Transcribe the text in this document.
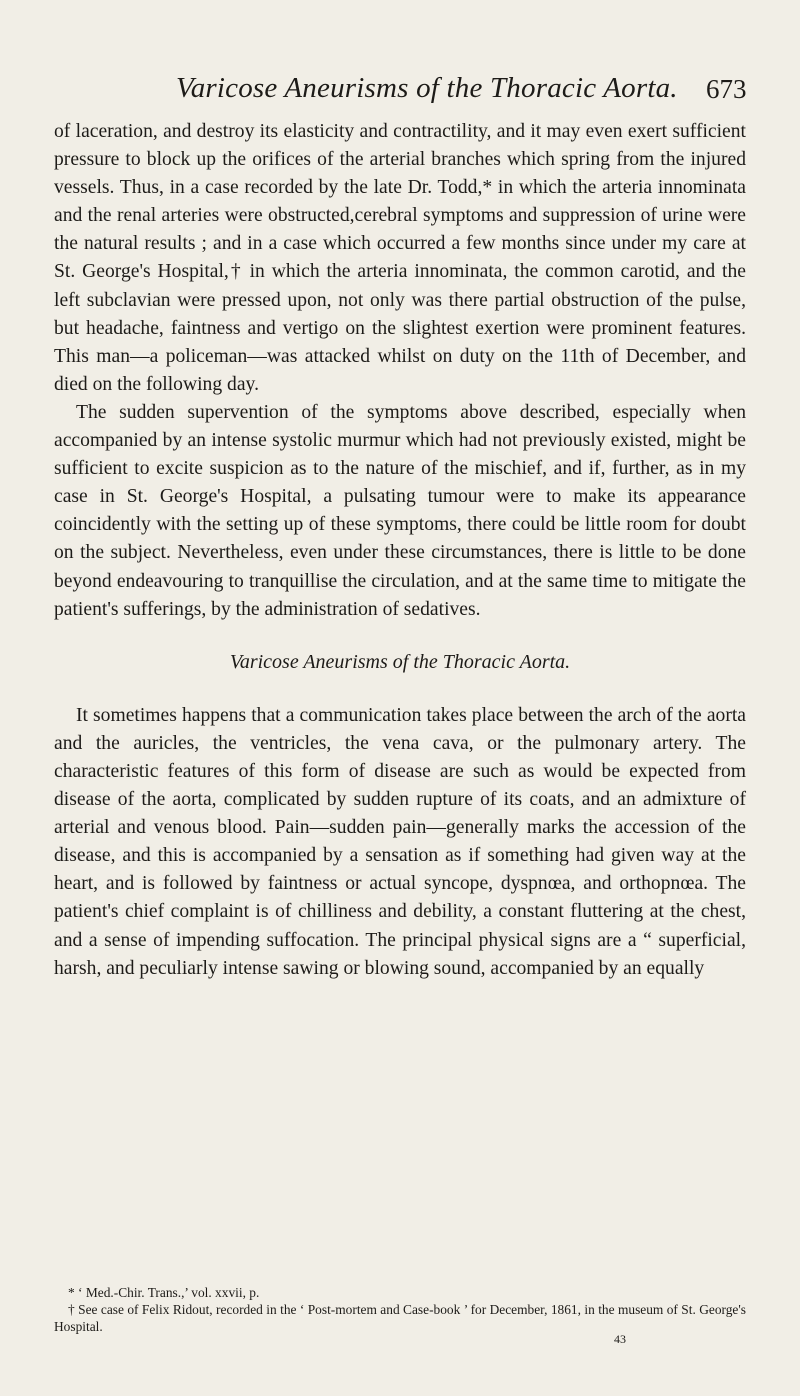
Varicose Aneurisms of the Thoracic Aorta. 673

of laceration, and destroy its elasticity and contractility, and it may even exert sufficient pressure to block up the orifices of the arterial branches which spring from the injured vessels. Thus, in a case recorded by the late Dr. Todd,* in which the arteria innominata and the renal arteries were obstructed,cerebral symptoms and suppression of urine were the natural results ; and in a case which occurred a few months since under my care at St. George's Hospital,† in which the arteria innominata, the common carotid, and the left subclavian were pressed upon, not only was there partial obstruction of the pulse, but headache, faintness and vertigo on the slightest exertion were prominent features. This man—a policeman—was attacked whilst on duty on the 11th of December, and died on the following day.

The sudden supervention of the symptoms above described, especially when accompanied by an intense systolic murmur which had not previously existed, might be sufficient to excite suspicion as to the nature of the mischief, and if, further, as in my case in St. George's Hospital, a pulsating tumour were to make its appearance coincidently with the setting up of these symptoms, there could be little room for doubt on the subject. Nevertheless, even under these circumstances, there is little to be done beyond endeavouring to tranquillise the circulation, and at the same time to mitigate the patient's sufferings, by the administration of sedatives.

Varicose Aneurisms of the Thoracic Aorta.

It sometimes happens that a communication takes place between the arch of the aorta and the auricles, the ventricles, the vena cava, or the pulmonary artery. The characteristic features of this form of disease are such as would be expected from disease of the aorta, complicated by sudden rupture of its coats, and an admixture of arterial and venous blood. Pain—sudden pain—generally marks the accession of the disease, and this is accompanied by a sensation as if something had given way at the heart, and is followed by faintness or actual syncope, dyspnœa, and orthopnœa. The patient's chief complaint is of chilliness and debility, a constant fluttering at the chest, and a sense of impending suffocation. The principal physical signs are a “ superficial, harsh, and peculiarly intense sawing or blowing sound, accompanied by an equally

* ‘ Med.-Chir. Trans.,’ vol. xxvii, p.

† See case of Felix Ridout, recorded in the ‘ Post-mortem and Case-book ’ for December, 1861, in the museum of St. George's Hospital.

43
